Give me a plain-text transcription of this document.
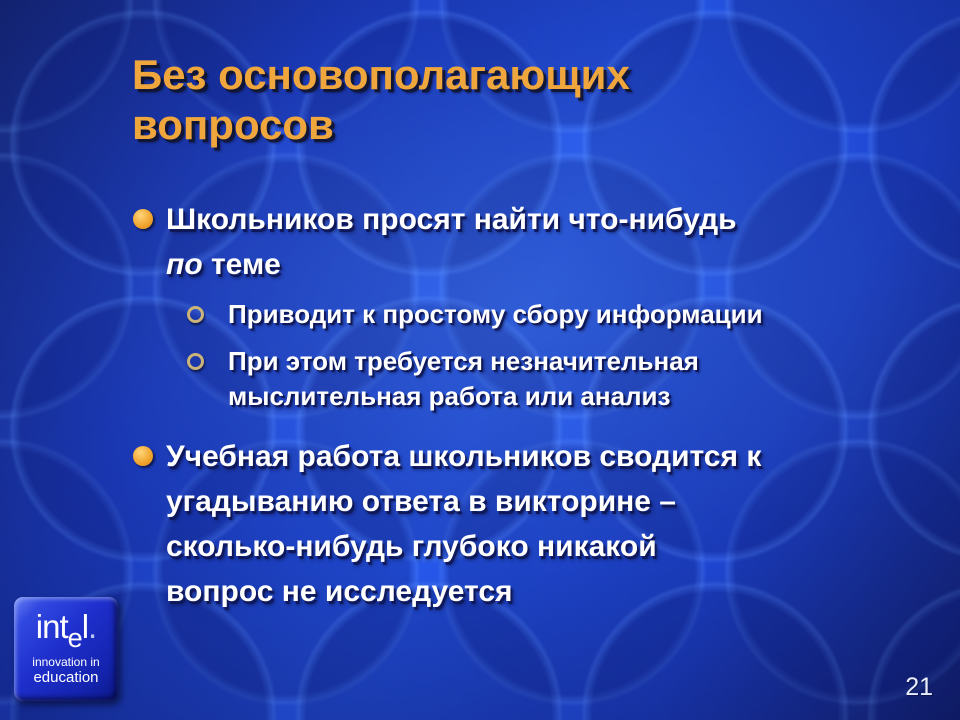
Без основополагающих вопросов
Школьников просят найти что-нибудь
по теме
Приводит к простому сбору информации
При этом требуется незначительная
мыслительная работа или анализ
Учебная работа школьников сводится к
угадыванию ответа в викторине –
сколько-нибудь глубоко никакой
вопрос не исследуется
intel.
innovation in
education	21
